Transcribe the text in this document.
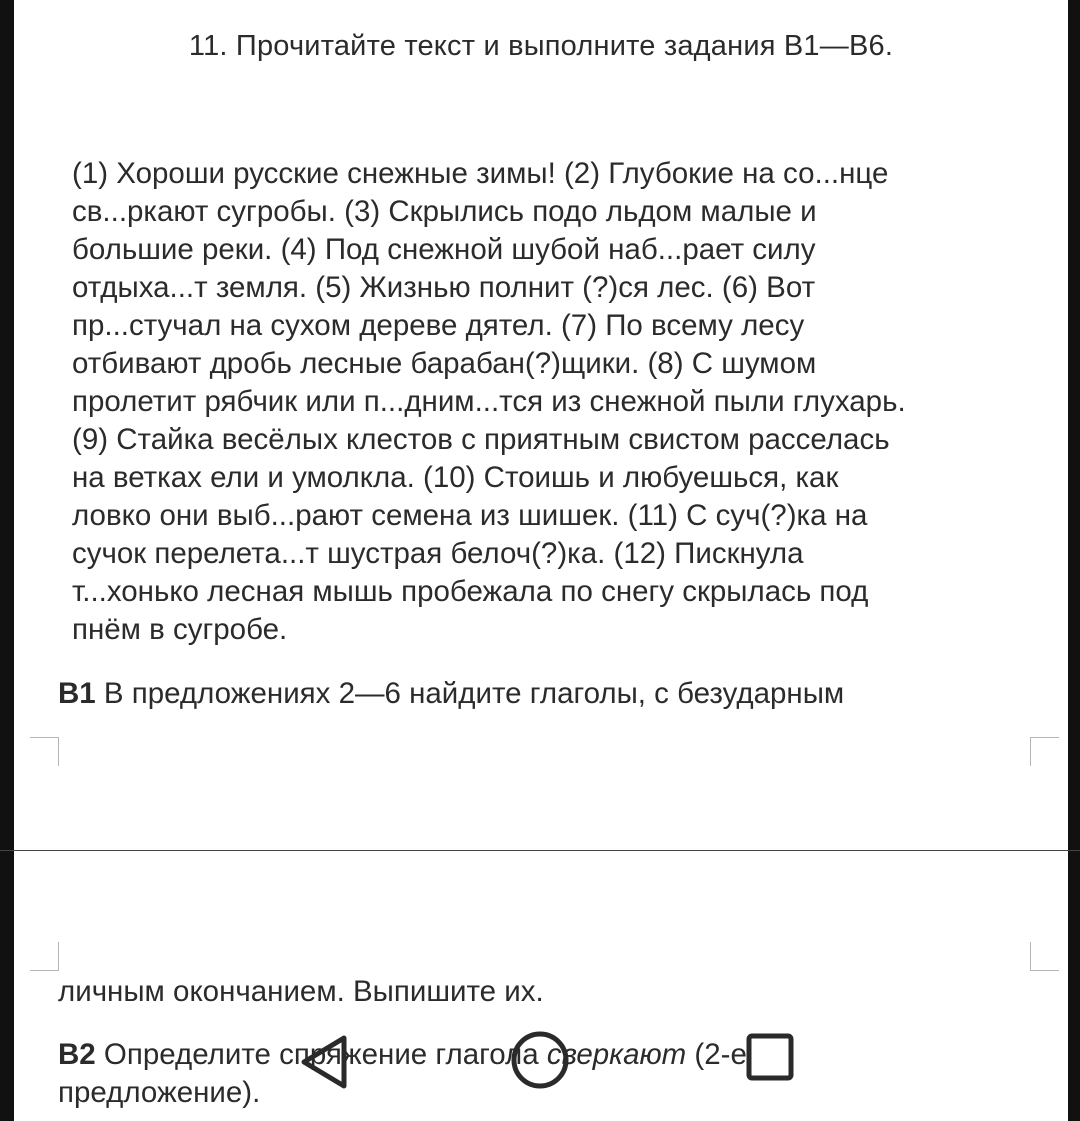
11. Прочитайте текст и выполните задания В1—В6.
(1) Хороши русские снежные зимы! (2) Глубокие на со...нце
св...ркают сугробы. (3) Скрылись подо льдом малые и
большие реки. (4) Под снежной шубой наб...рает силу
отдыха...т земля. (5) Жизнью полнит (?)ся лес. (6) Вот
пр...стучал на сухом дереве дятел. (7) По всему лесу
отбивают дробь лесные барабан(?)щики. (8) С шумом
пролетит рябчик или п...дним...тся из снежной пыли глухарь.
(9) Стайка весёлых клестов с приятным свистом расселась
на ветках ели и умолкла. (10) Стоишь и любуешься, как
ловко они выб...рают семена из шишек. (11) С суч(?)ка на
сучок перелета...т шустрая белоч(?)ка. (12) Пискнула
т...хонько лесная мышь пробежала по снегу скрылась под
пнём в сугробе.
В1 В предложениях 2—6 найдите глаголы, с безударным
личным окончанием. Выпишите их.
В2 Определите спряжение глагола сверкают (2-е
предложение).
